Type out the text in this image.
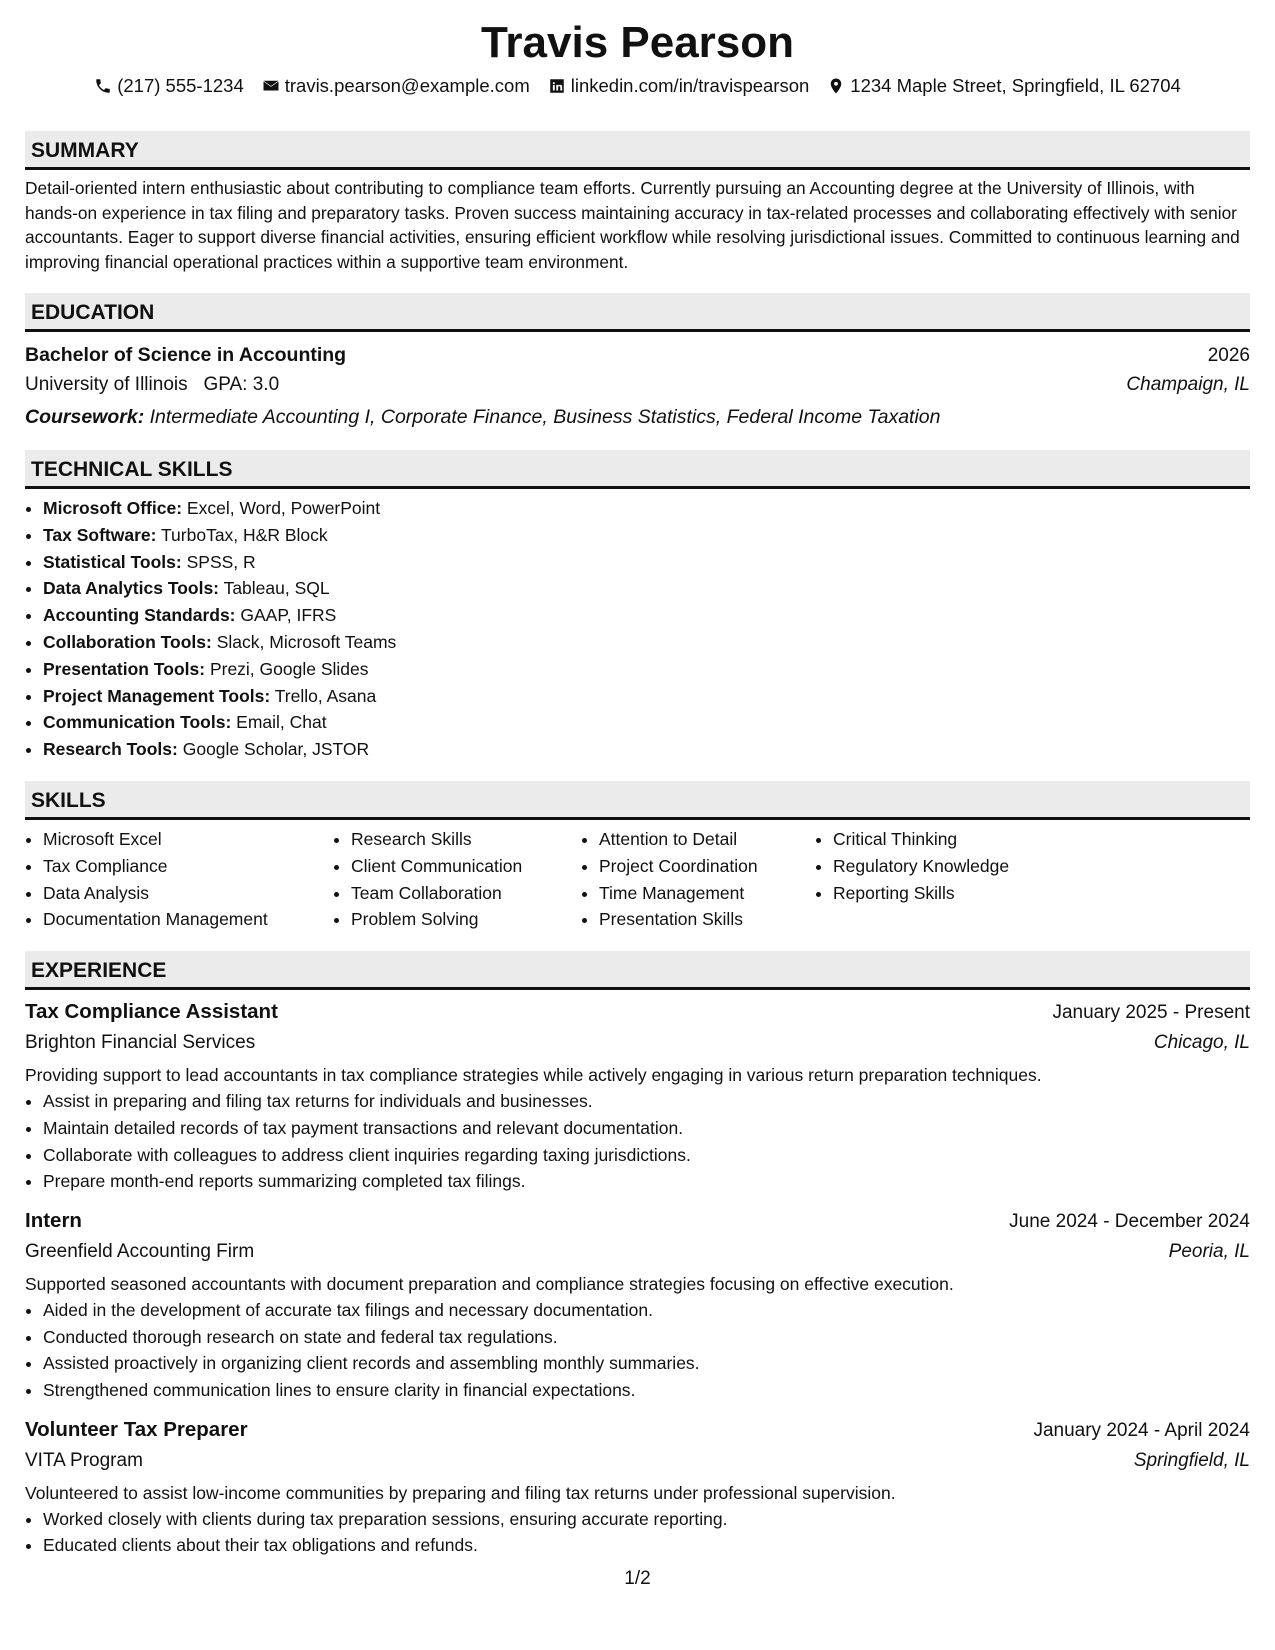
Travis Pearson
(217) 555-1234 travis.pearson@example.com linkedin.com/in/travispearson 1234 Maple Street, Springfield, IL 62704
SUMMARY

Detail-oriented intern enthusiastic about contributing to compliance team efforts. Currently pursuing an Accounting degree at the University of Illinois, with hands-on experience in tax filing and preparatory tasks. Proven success maintaining accuracy in tax-related processes and collaborating effectively with senior accountants. Eager to support diverse financial activities, ensuring efficient workflow while resolving jurisdictional issues. Committed to continuous learning and improving financial operational practices within a supportive team environment.

EDUCATION
Bachelor of Science in Accounting	2026
University of Illinois GPA: 3.0	Champaign, IL
Coursework: Intermediate Accounting I, Corporate Finance, Business Statistics, Federal Income Taxation
TECHNICAL SKILLS
• Microsoft Office: Excel, Word, PowerPoint
• Tax Software: TurboTax, H&R Block
• Statistical Tools: SPSS, R
• Data Analytics Tools: Tableau, SQL
• Accounting Standards: GAAP, IFRS
• Collaboration Tools: Slack, Microsoft Teams
• Presentation Tools: Prezi, Google Slides
• Project Management Tools: Trello, Asana
• Communication Tools: Email, Chat
• Research Tools: Google Scholar, JSTOR
SKILLS
• Microsoft Excel
• Tax Compliance
• Data Analysis
• Documentation Management
• Research Skills
• Client Communication
• Team Collaboration
• Problem Solving
• Attention to Detail
• Project Coordination
• Time Management
• Presentation Skills
• Critical Thinking
• Regulatory Knowledge
• Reporting Skills
EXPERIENCE
Tax Compliance Assistant	January 2025 - Present
Brighton Financial Services	Chicago, IL
Providing support to lead accountants in tax compliance strategies while actively engaging in various return preparation techniques.
• Assist in preparing and filing tax returns for individuals and businesses.
• Maintain detailed records of tax payment transactions and relevant documentation.
• Collaborate with colleagues to address client inquiries regarding taxing jurisdictions.
• Prepare month-end reports summarizing completed tax filings.
Intern	June 2024 - December 2024
Greenfield Accounting Firm	Peoria, IL
Supported seasoned accountants with document preparation and compliance strategies focusing on effective execution.
• Aided in the development of accurate tax filings and necessary documentation.
• Conducted thorough research on state and federal tax regulations.
• Assisted proactively in organizing client records and assembling monthly summaries.
• Strengthened communication lines to ensure clarity in financial expectations.
Volunteer Tax Preparer	January 2024 - April 2024
VITA Program	Springfield, IL
Volunteered to assist low-income communities by preparing and filing tax returns under professional supervision.
• Worked closely with clients during tax preparation sessions, ensuring accurate reporting.
• Educated clients about their tax obligations and refunds.
1/2
